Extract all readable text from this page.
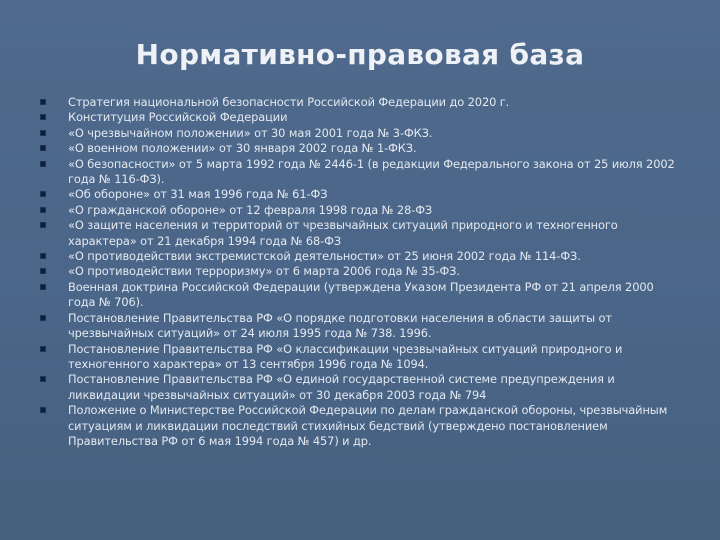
Нормативно-правовая база
Стратегия национальной безопасности Российской Федерации до 2020 г.
Конституция Российской Федерации
«О чрезвычайном положении» от 30 мая 2001 года № 3-ФКЗ.
«О военном положении» от 30 января 2002 года № 1-ФКЗ.
«О безопасности» от 5 марта 1992 года № 2446-1 (в редакции Федерального закона от 25 июля 2002 года № 116-ФЗ).
«Об обороне» от 31 мая 1996 года № 61-ФЗ
«О гражданской обороне» от 12 февраля 1998 года № 28-ФЗ
«О защите населения и территорий от чрезвычайных ситуаций природного и техногенного характера» от 21 декабря 1994 года № 68-ФЗ
«О противодействии экстремистской деятельности» от 25 июня 2002 года № 114-ФЗ.
«О противодействии терроризму» от 6 марта 2006 года № 35-ФЗ.
Военная доктрина Российской Федерации (утверждена Указом Президента РФ от 21 апреля 2000 года № 706).
Постановление Правительства РФ «О порядке подготовки населения в области защиты от чрезвычайных ситуаций» от 24 июля 1995 года № 738. 1996.
Постановление Правительства РФ «О классификации чрезвычайных ситуаций природного и техногенного характера» от 13 сентября 1996 года № 1094.
Постановление Правительства РФ «О единой государственной системе предупреждения и ликвидации чрезвычайных ситуаций» от 30 декабря 2003 года № 794
Положение о Министерстве Российской Федерации по делам гражданской обороны, чрезвычайным ситуациям и ликвидации последствий стихийных бедствий (утверждено постановлением Правительства РФ от 6 мая 1994 года № 457) и др.
